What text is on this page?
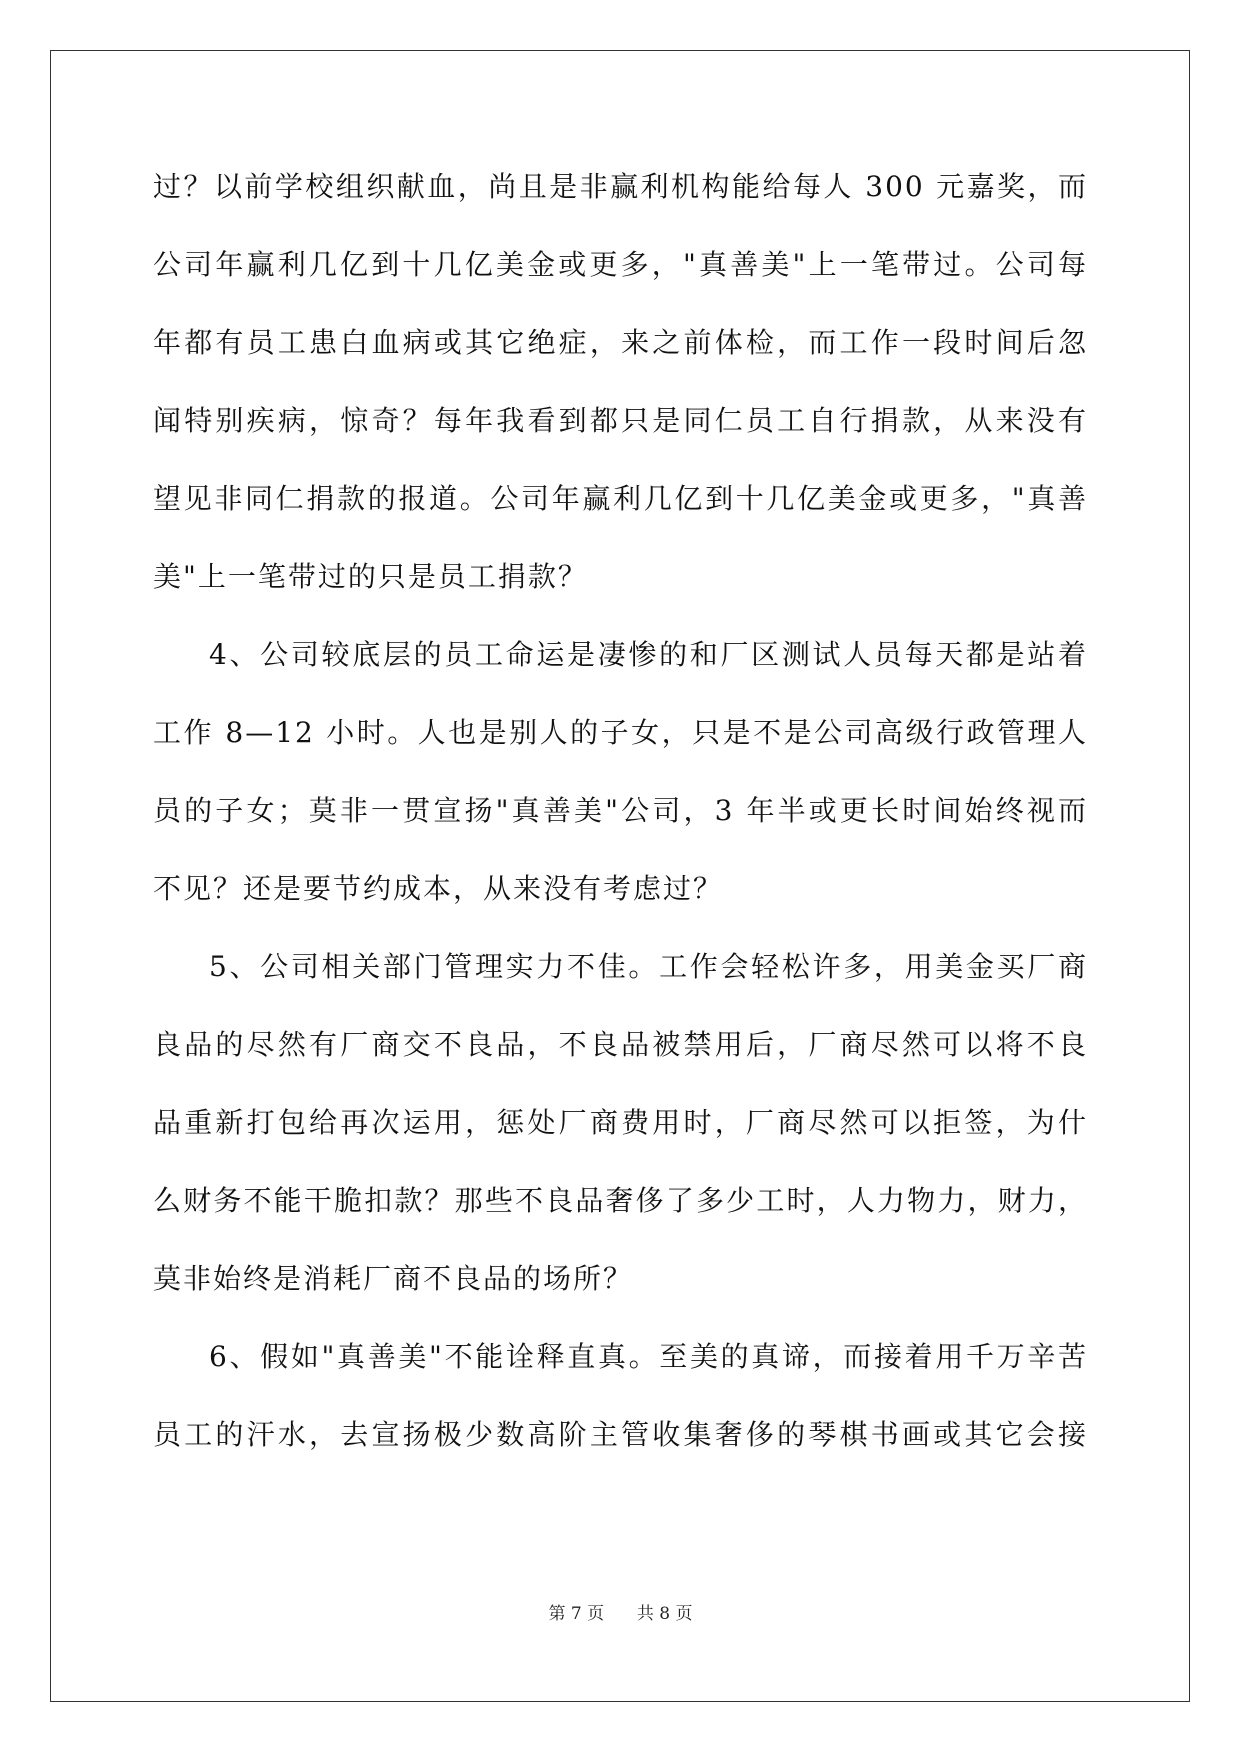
过？以前学校组织献血，尚且是非赢利机构能给每人 300 元嘉奖，而
公司年赢利几亿到十几亿美金或更多，"真善美"上一笔带过。公司每
年都有员工患白血病或其它绝症，来之前体检，而工作一段时间后忽
闻特别疾病，惊奇？每年我看到都只是同仁员工自行捐款，从来没有
望见非同仁捐款的报道。公司年赢利几亿到十几亿美金或更多，"真善
美"上一笔带过的只是员工捐款？
4、公司较底层的员工命运是凄惨的和厂区测试人员每天都是站着
工作 8—12 小时。人也是别人的子女，只是不是公司高级行政管理人
员的子女；莫非一贯宣扬"真善美"公司，3 年半或更长时间始终视而
不见？还是要节约成本，从来没有考虑过？
5、公司相关部门管理实力不佳。工作会轻松许多，用美金买厂商
良品的尽然有厂商交不良品，不良品被禁用后，厂商尽然可以将不良
品重新打包给再次运用，惩处厂商费用时，厂商尽然可以拒签，为什
么财务不能干脆扣款？那些不良品奢侈了多少工时，人力物力，财力，
莫非始终是消耗厂商不良品的场所？
6、假如"真善美"不能诠释直真。至美的真谛，而接着用千万辛苦
员工的汗水，去宣扬极少数高阶主管收集奢侈的琴棋书画或其它会接
第 7 页 共 8 页
